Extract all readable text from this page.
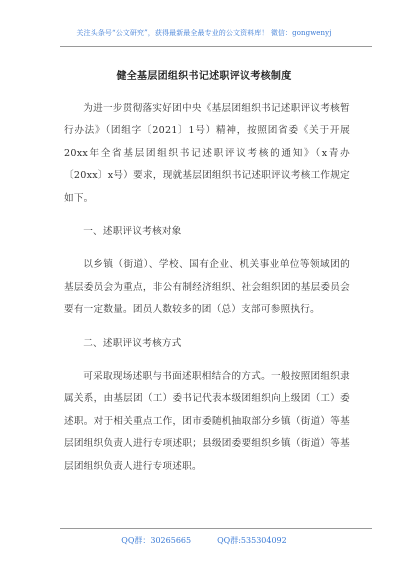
关注头条号“公文研究”，获得最新最全最专业的公文资料库！ 微信：gongwenyj
健全基层团组织书记述职评议考核制度

为进一步贯彻落实好团中央《基层团组织书记述职评议考核暂行办法》（团组字〔2021〕1号）精神，按照团省委《关于开展20xx年全省基层团组织书记述职评议考核的通知》（x青办〔20xx〕x号）要求，现就基层团组织书记述职评议考核工作规定如下。

一、述职评议考核对象

以乡镇（街道）、学校、国有企业、机关事业单位等领域团的基层委员会为重点，非公有制经济组织、社会组织团的基层委员会要有一定数量。团员人数较多的团（总）支部可参照执行。

二、述职评议考核方式

可采取现场述职与书面述职相结合的方式。一般按照团组织隶属关系，由基层团（工）委书记代表本级团组织向上级团（工）委述职。对于相关重点工作，团市委随机抽取部分乡镇（街道）等基层团组织负责人进行专项述职；县级团委要组织乡镇（街道）等基层团组织负责人进行专项述职。

QQ群：30265665	QQ群:535304092
